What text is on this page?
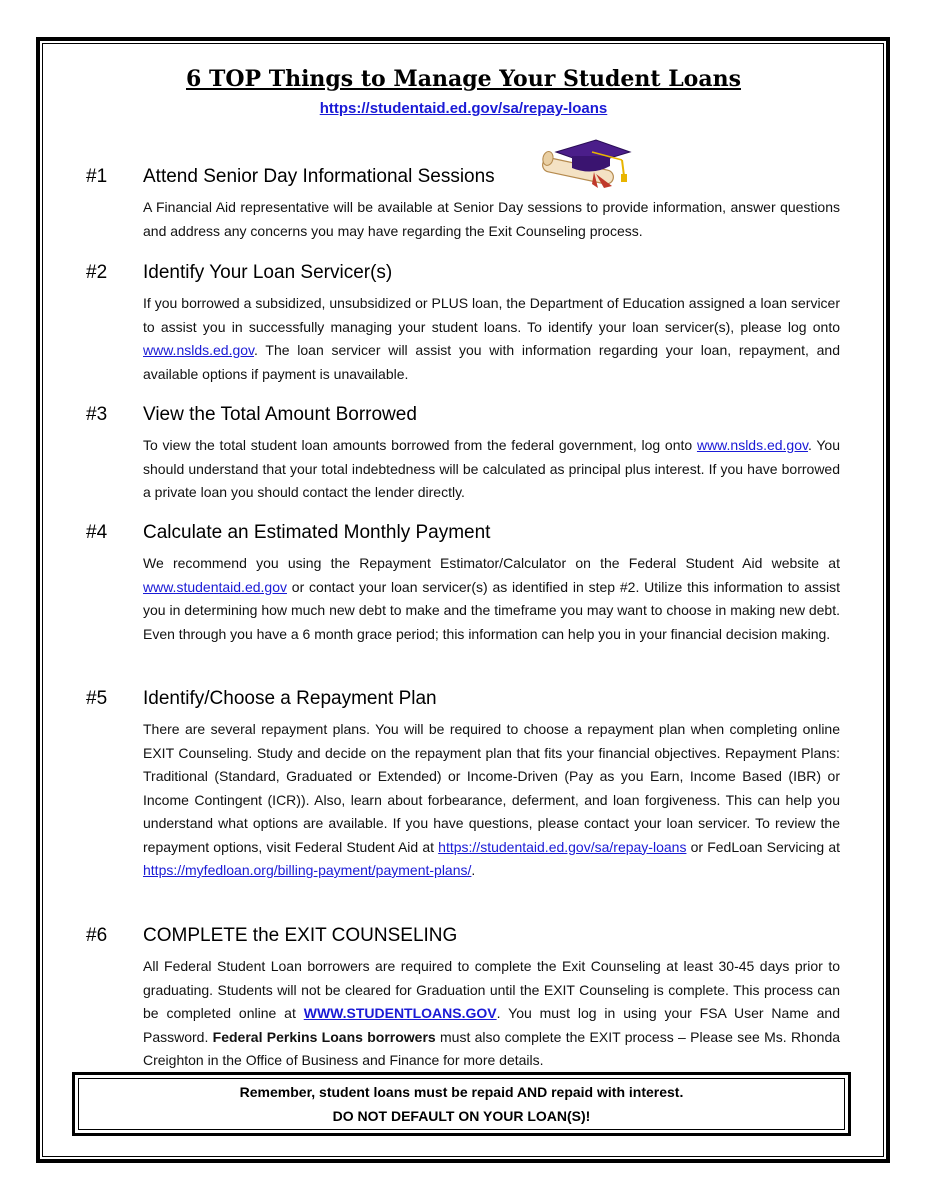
6 TOP Things to Manage Your Student Loans
https://studentaid.ed.gov/sa/repay-loans
#1 Attend Senior Day Informational Sessions
A Financial Aid representative will be available at Senior Day sessions to provide information, answer questions and address any concerns you may have regarding the Exit Counseling process.
#2 Identify Your Loan Servicer(s)
If you borrowed a subsidized, unsubsidized or PLUS loan, the Department of Education assigned a loan servicer to assist you in successfully managing your student loans. To identify your loan servicer(s), please log onto www.nslds.ed.gov. The loan servicer will assist you with information regarding your loan, repayment, and available options if payment is unavailable.
#3 View the Total Amount Borrowed
To view the total student loan amounts borrowed from the federal government, log onto www.nslds.ed.gov. You should understand that your total indebtedness will be calculated as principal plus interest. If you have borrowed a private loan you should contact the lender directly.
#4 Calculate an Estimated Monthly Payment
We recommend you using the Repayment Estimator/Calculator on the Federal Student Aid website at www.studentaid.ed.gov or contact your loan servicer(s) as identified in step #2. Utilize this information to assist you in determining how much new debt to make and the timeframe you may want to choose in making new debt. Even through you have a 6 month grace period; this information can help you in your financial decision making.
#5 Identify/Choose a Repayment Plan
There are several repayment plans. You will be required to choose a repayment plan when completing online EXIT Counseling. Study and decide on the repayment plan that fits your financial objectives. Repayment Plans: Traditional (Standard, Graduated or Extended) or Income-Driven (Pay as you Earn, Income Based (IBR) or Income Contingent (ICR)). Also, learn about forbearance, deferment, and loan forgiveness. This can help you understand what options are available. If you have questions, please contact your loan servicer. To review the repayment options, visit Federal Student Aid at https://studentaid.ed.gov/sa/repay-loans or FedLoan Servicing at https://myfedloan.org/billing-payment/payment-plans/.
#6 COMPLETE the EXIT COUNSELING
All Federal Student Loan borrowers are required to complete the Exit Counseling at least 30-45 days prior to graduating. Students will not be cleared for Graduation until the EXIT Counseling is complete. This process can be completed online at WWW.STUDENTLOANS.GOV. You must log in using your FSA User Name and Password. Federal Perkins Loans borrowers must also complete the EXIT process – Please see Ms. Rhonda Creighton in the Office of Business and Finance for more details.
Remember, student loans must be repaid AND repaid with interest.
DO NOT DEFAULT ON YOUR LOAN(S)!
